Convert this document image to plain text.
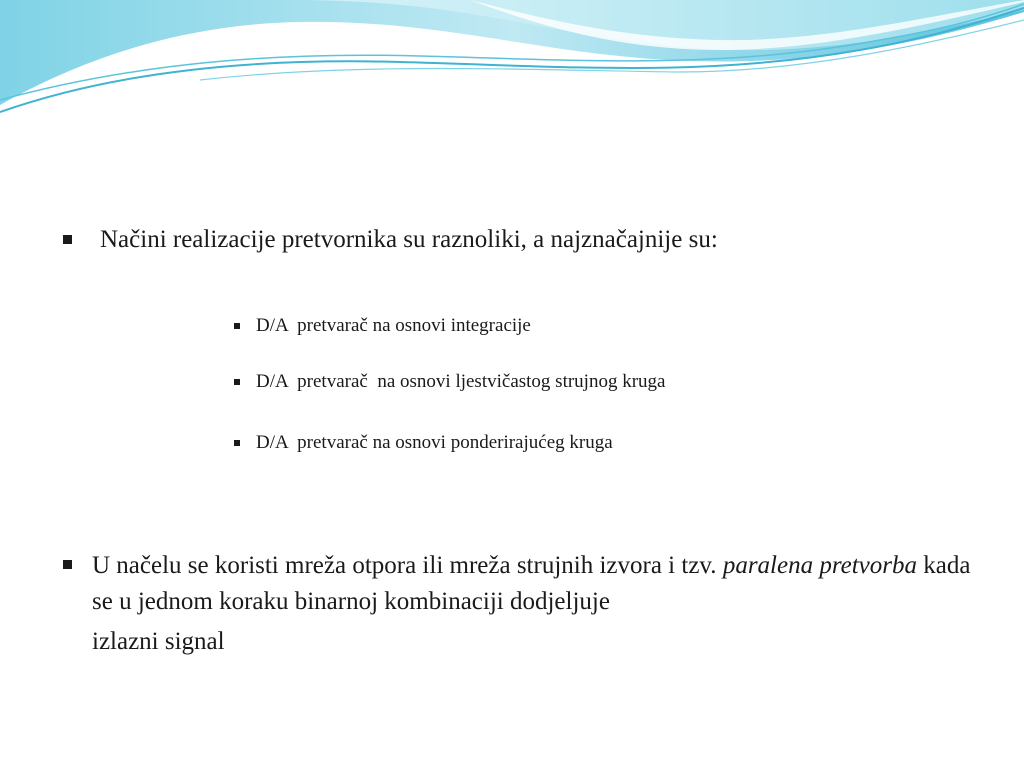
Načini realizacije pretvornika su raznoliki, a najznačajnije su:
D/A  pretvarač na osnovi integracije
D/A  pretvarač  na osnovi ljestvičastog strujnog kruga
D/A  pretvarač na osnovi ponderirajućeg kruga
U načelu se koristi mreža otpora ili mreža strujnih izvora i tzv. paralena pretvorba kada se u jednom koraku binarnoj kombinaciji dodjeljuje
izlazni signal
